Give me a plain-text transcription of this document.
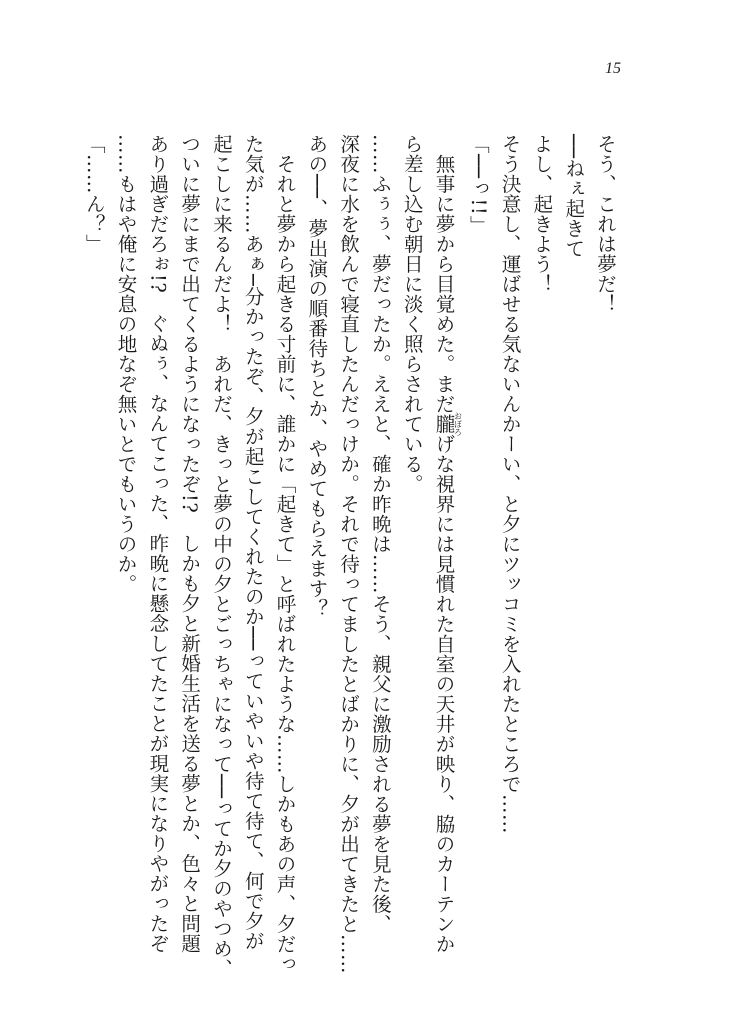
15

そう、これは夢だ！

──ねぇ起きて

よし、起きよう！

そう決意し、運ばせる気ないんかーい、と夕にツッコミを入れたところで……

「──っ!!」

　無事に夢から目覚めた。まだ朧おぼろげな視界には見慣れた自室の天井が映り、脇のカーテンか

ら差し込む朝日に淡く照らされている。

……ふぅぅ、夢だったか。ええと、確か昨晩は……そう、親父に激励される夢を見た後、

深夜に水を飲んで寝直したんだっけか。それで待ってましたとばかりに、夕が出てきたと……

あの──、夢出演の順番待ちとか、やめてもらえます？

　それと夢から起きる寸前に、誰かに「起きて」と呼ばれたような……しかもあの声、夕だっ

た気が……あぁ─分かったぞ、夕が起こしてくれたのか──っていやいや待て待て、何で夕が

起こしに来るんだよ！　あれだ、きっと夢の中の夕とごっちゃになって──ってか夕のやつめ、

ついに夢にまで出てくるようになったぞ!?　しかも夕と新婚生活を送る夢とか、色々と問題

あり過ぎだろぉ!?　ぐぬぅ、なんてこった、昨晩に懸念してたことが現実になりやがったぞ

……もはや俺に安息の地なぞ無いとでもいうのか。

「……ん？」
